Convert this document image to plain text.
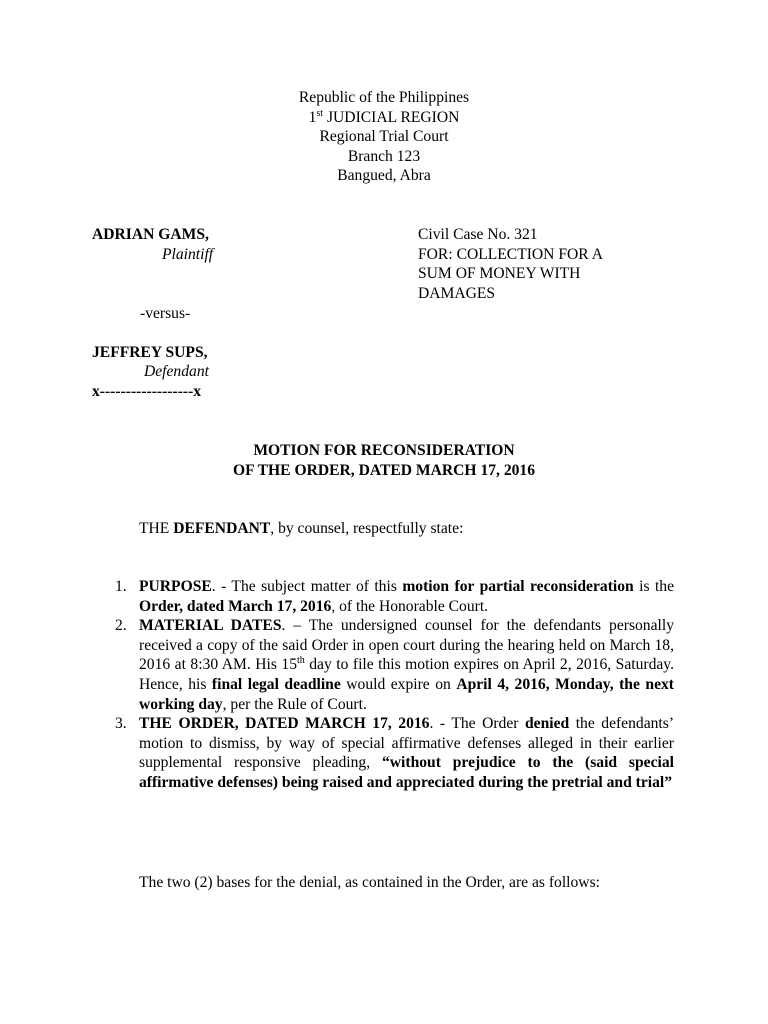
Republic of the Philippines
1st JUDICIAL REGION
Regional Trial Court
Branch 123
Bangued, Abra
ADRIAN GAMS,
Plaintiff
-versus-
JEFFREY SUPS,
Defendant
x------------------x
Civil Case No. 321
FOR: COLLECTION FOR A
SUM OF MONEY WITH
DAMAGES
MOTION FOR RECONSIDERATION
OF THE ORDER, DATED MARCH 17, 2016
THE DEFENDANT, by counsel, respectfully state:
1. PURPOSE. - The subject matter of this motion for partial reconsideration is the Order, dated March 17, 2016, of the Honorable Court.
2. MATERIAL DATES. – The undersigned counsel for the defendants personally received a copy of the said Order in open court during the hearing held on March 18, 2016 at 8:30 AM. His 15th day to file this motion expires on April 2, 2016, Saturday. Hence, his final legal deadline would expire on April 4, 2016, Monday, the next working day, per the Rule of Court.
3. THE ORDER, DATED MARCH 17, 2016. - The Order denied the defendants’ motion to dismiss, by way of special affirmative defenses alleged in their earlier supplemental responsive pleading, “without prejudice to the (said special affirmative defenses) being raised and appreciated during the pretrial and trial”
The two (2) bases for the denial, as contained in the Order, are as follows:
